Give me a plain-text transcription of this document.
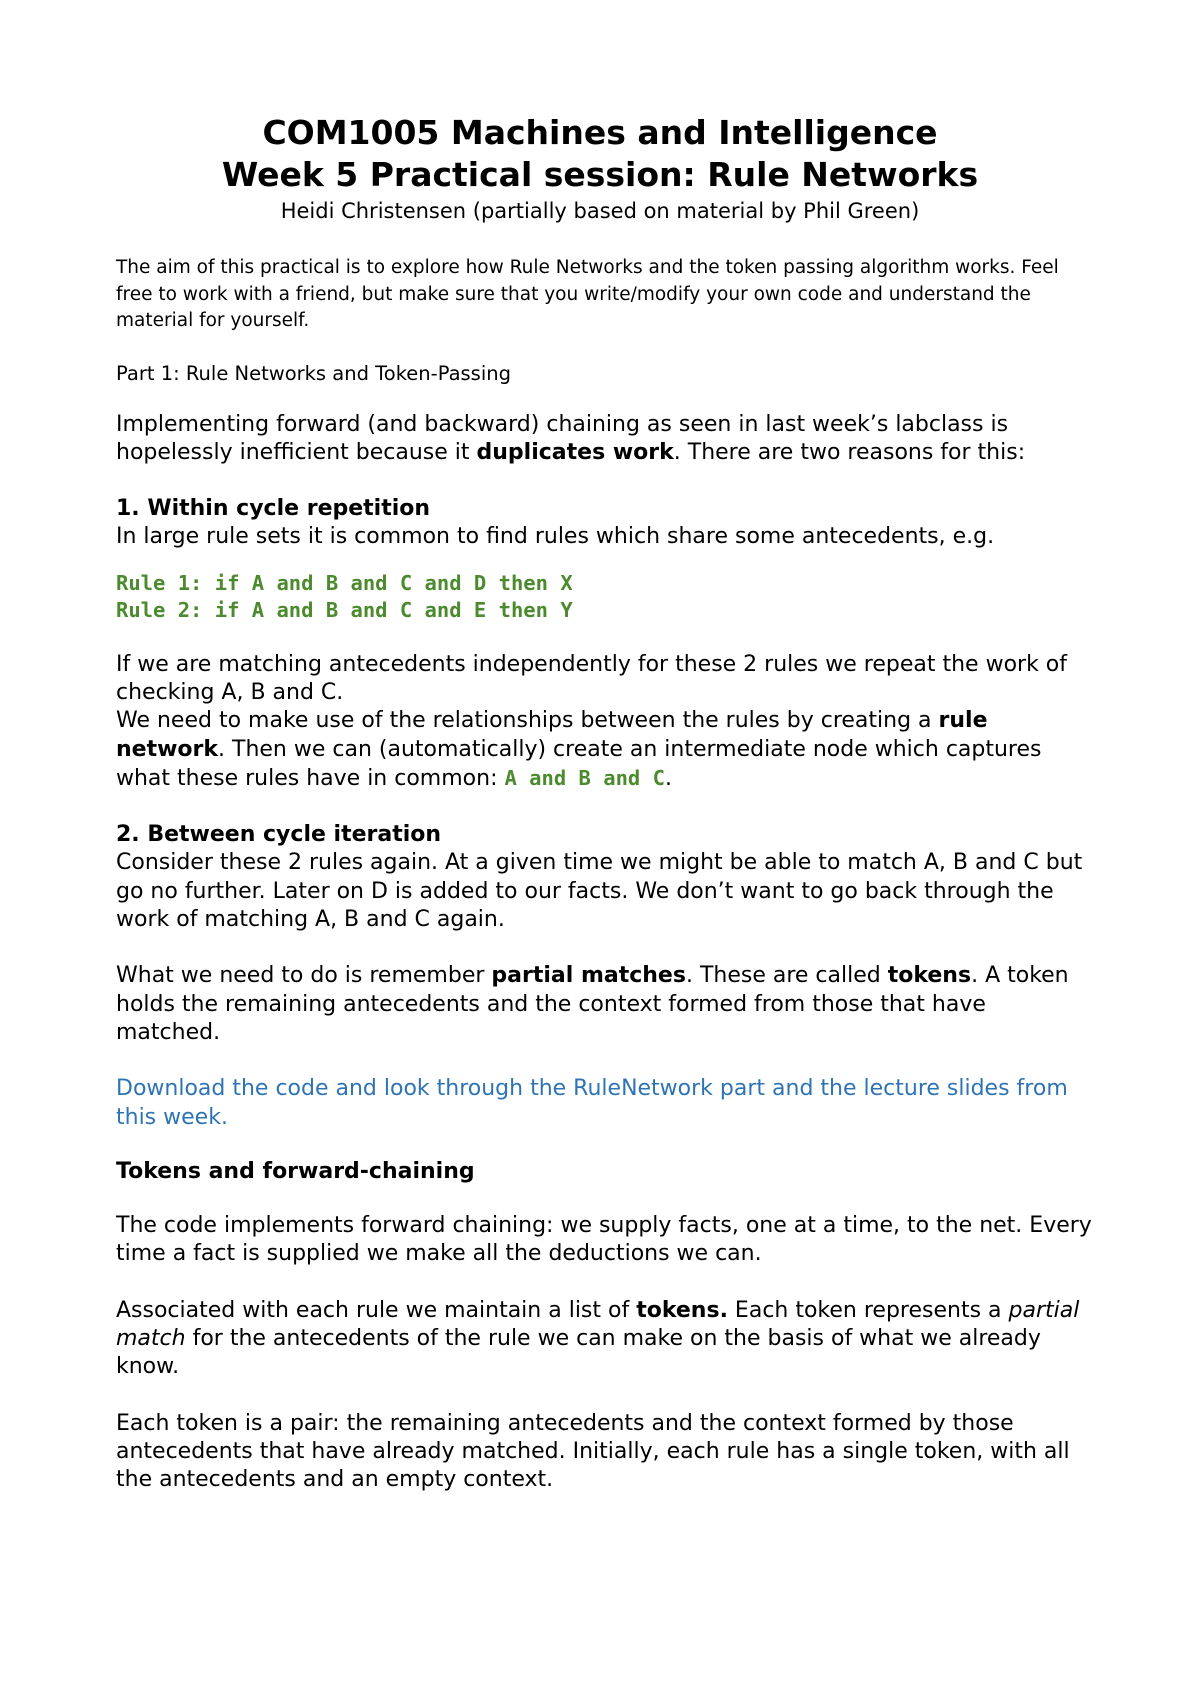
COM1005 Machines and Intelligence

Week 5 Practical session: Rule Networks

Heidi Christensen (partially based on material by Phil Green)

The aim of this practical is to explore how Rule Networks and the token passing algorithm works. Feel free to work with a friend, but make sure that you write/modify your own code and understand the material for yourself.

Part 1: Rule Networks and Token-Passing

Implementing forward (and backward) chaining as seen in last week’s labclass is hopelessly inefficient because it duplicates work. There are two reasons for this:

1. Within cycle repetition

In large rule sets it is common to find rules which share some antecedents, e.g.

Rule 1: if A and B and C and D then X

Rule 2: if A and B and C and E then Y

If we are matching antecedents independently for these 2 rules we repeat the work of checking A, B and C.

We need to make use of the relationships between the rules by creating a rule network. Then we can (automatically) create an intermediate node which captures what these rules have in common: A and B and C.

2. Between cycle iteration

Consider these 2 rules again. At a given time we might be able to match A, B and C but go no further. Later on D is added to our facts. We don’t want to go back through the work of matching A, B and C again.

What we need to do is remember partial matches. These are called tokens. A token holds the remaining antecedents and the context formed from those that have matched.

Download the code and look through the RuleNetwork part and the lecture slides from this week.

Tokens and forward-chaining

The code implements forward chaining: we supply facts, one at a time, to the net. Every time a fact is supplied we make all the deductions we can.

Associated with each rule we maintain a list of tokens. Each token represents a partial match for the antecedents of the rule we can make on the basis of what we already know.

Each token is a pair: the remaining antecedents and the context formed by those antecedents that have already matched. Initially, each rule has a single token, with all the antecedents and an empty context.
